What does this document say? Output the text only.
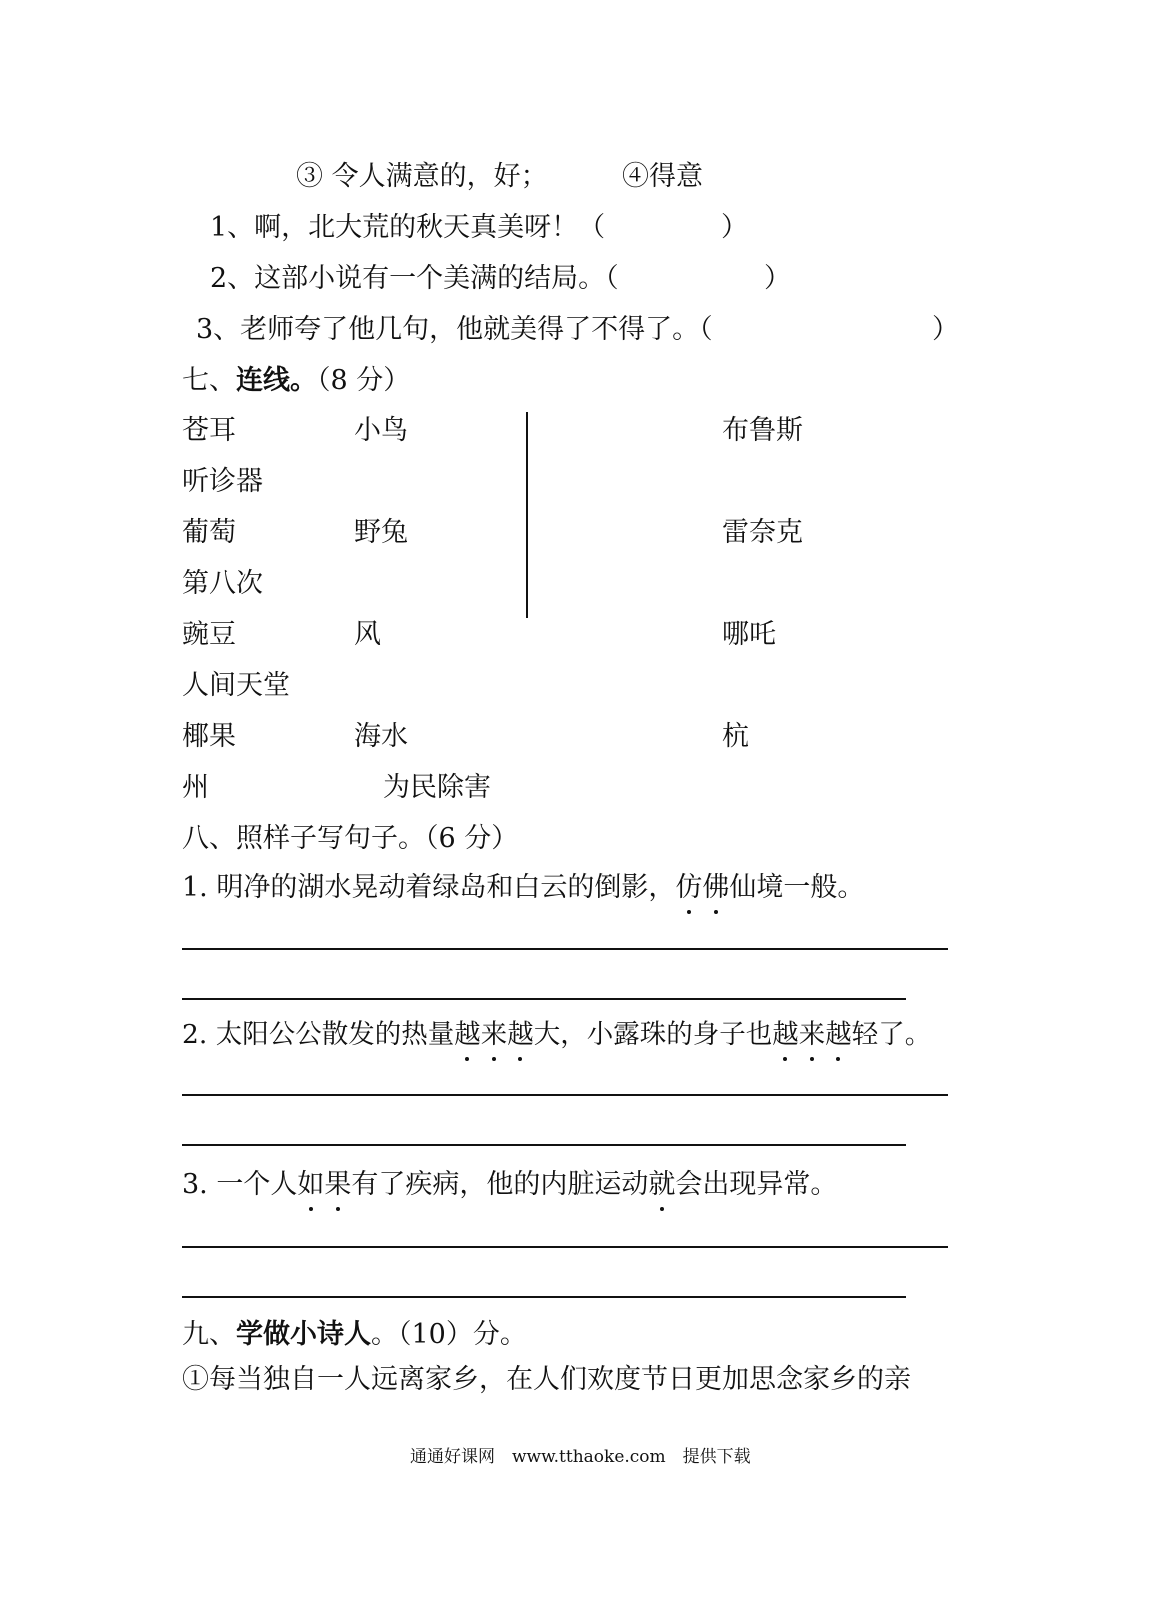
③ 令人满意的，好；	④得意
1、啊，北大荒的秋天真美呀！（	）
2、这部小说有一个美满的结局。（	）
3、老师夸了他几句，他就美得了不得了。（	）
七、连线。（8 分）
苍耳	小鸟	布鲁斯
听诊器
葡萄	野兔	雷奈克
第八次
豌豆	风	哪吒
人间天堂
椰果	海水	杭
州	为民除害
八、照样子写句子。（6 分）
1. 明净的湖水晃动着绿岛和白云的倒影，仿佛仙境一般。
2. 太阳公公散发的热量越来越大，小露珠的身子也越来越轻了。
3. 一个人如果有了疾病，他的内脏运动就会出现异常。
九、学做小诗人。（10）分。
①每当独自一人远离家乡，在人们欢度节日更加思念家乡的亲
通通好课网　www.tthaoke.com　提供下载
